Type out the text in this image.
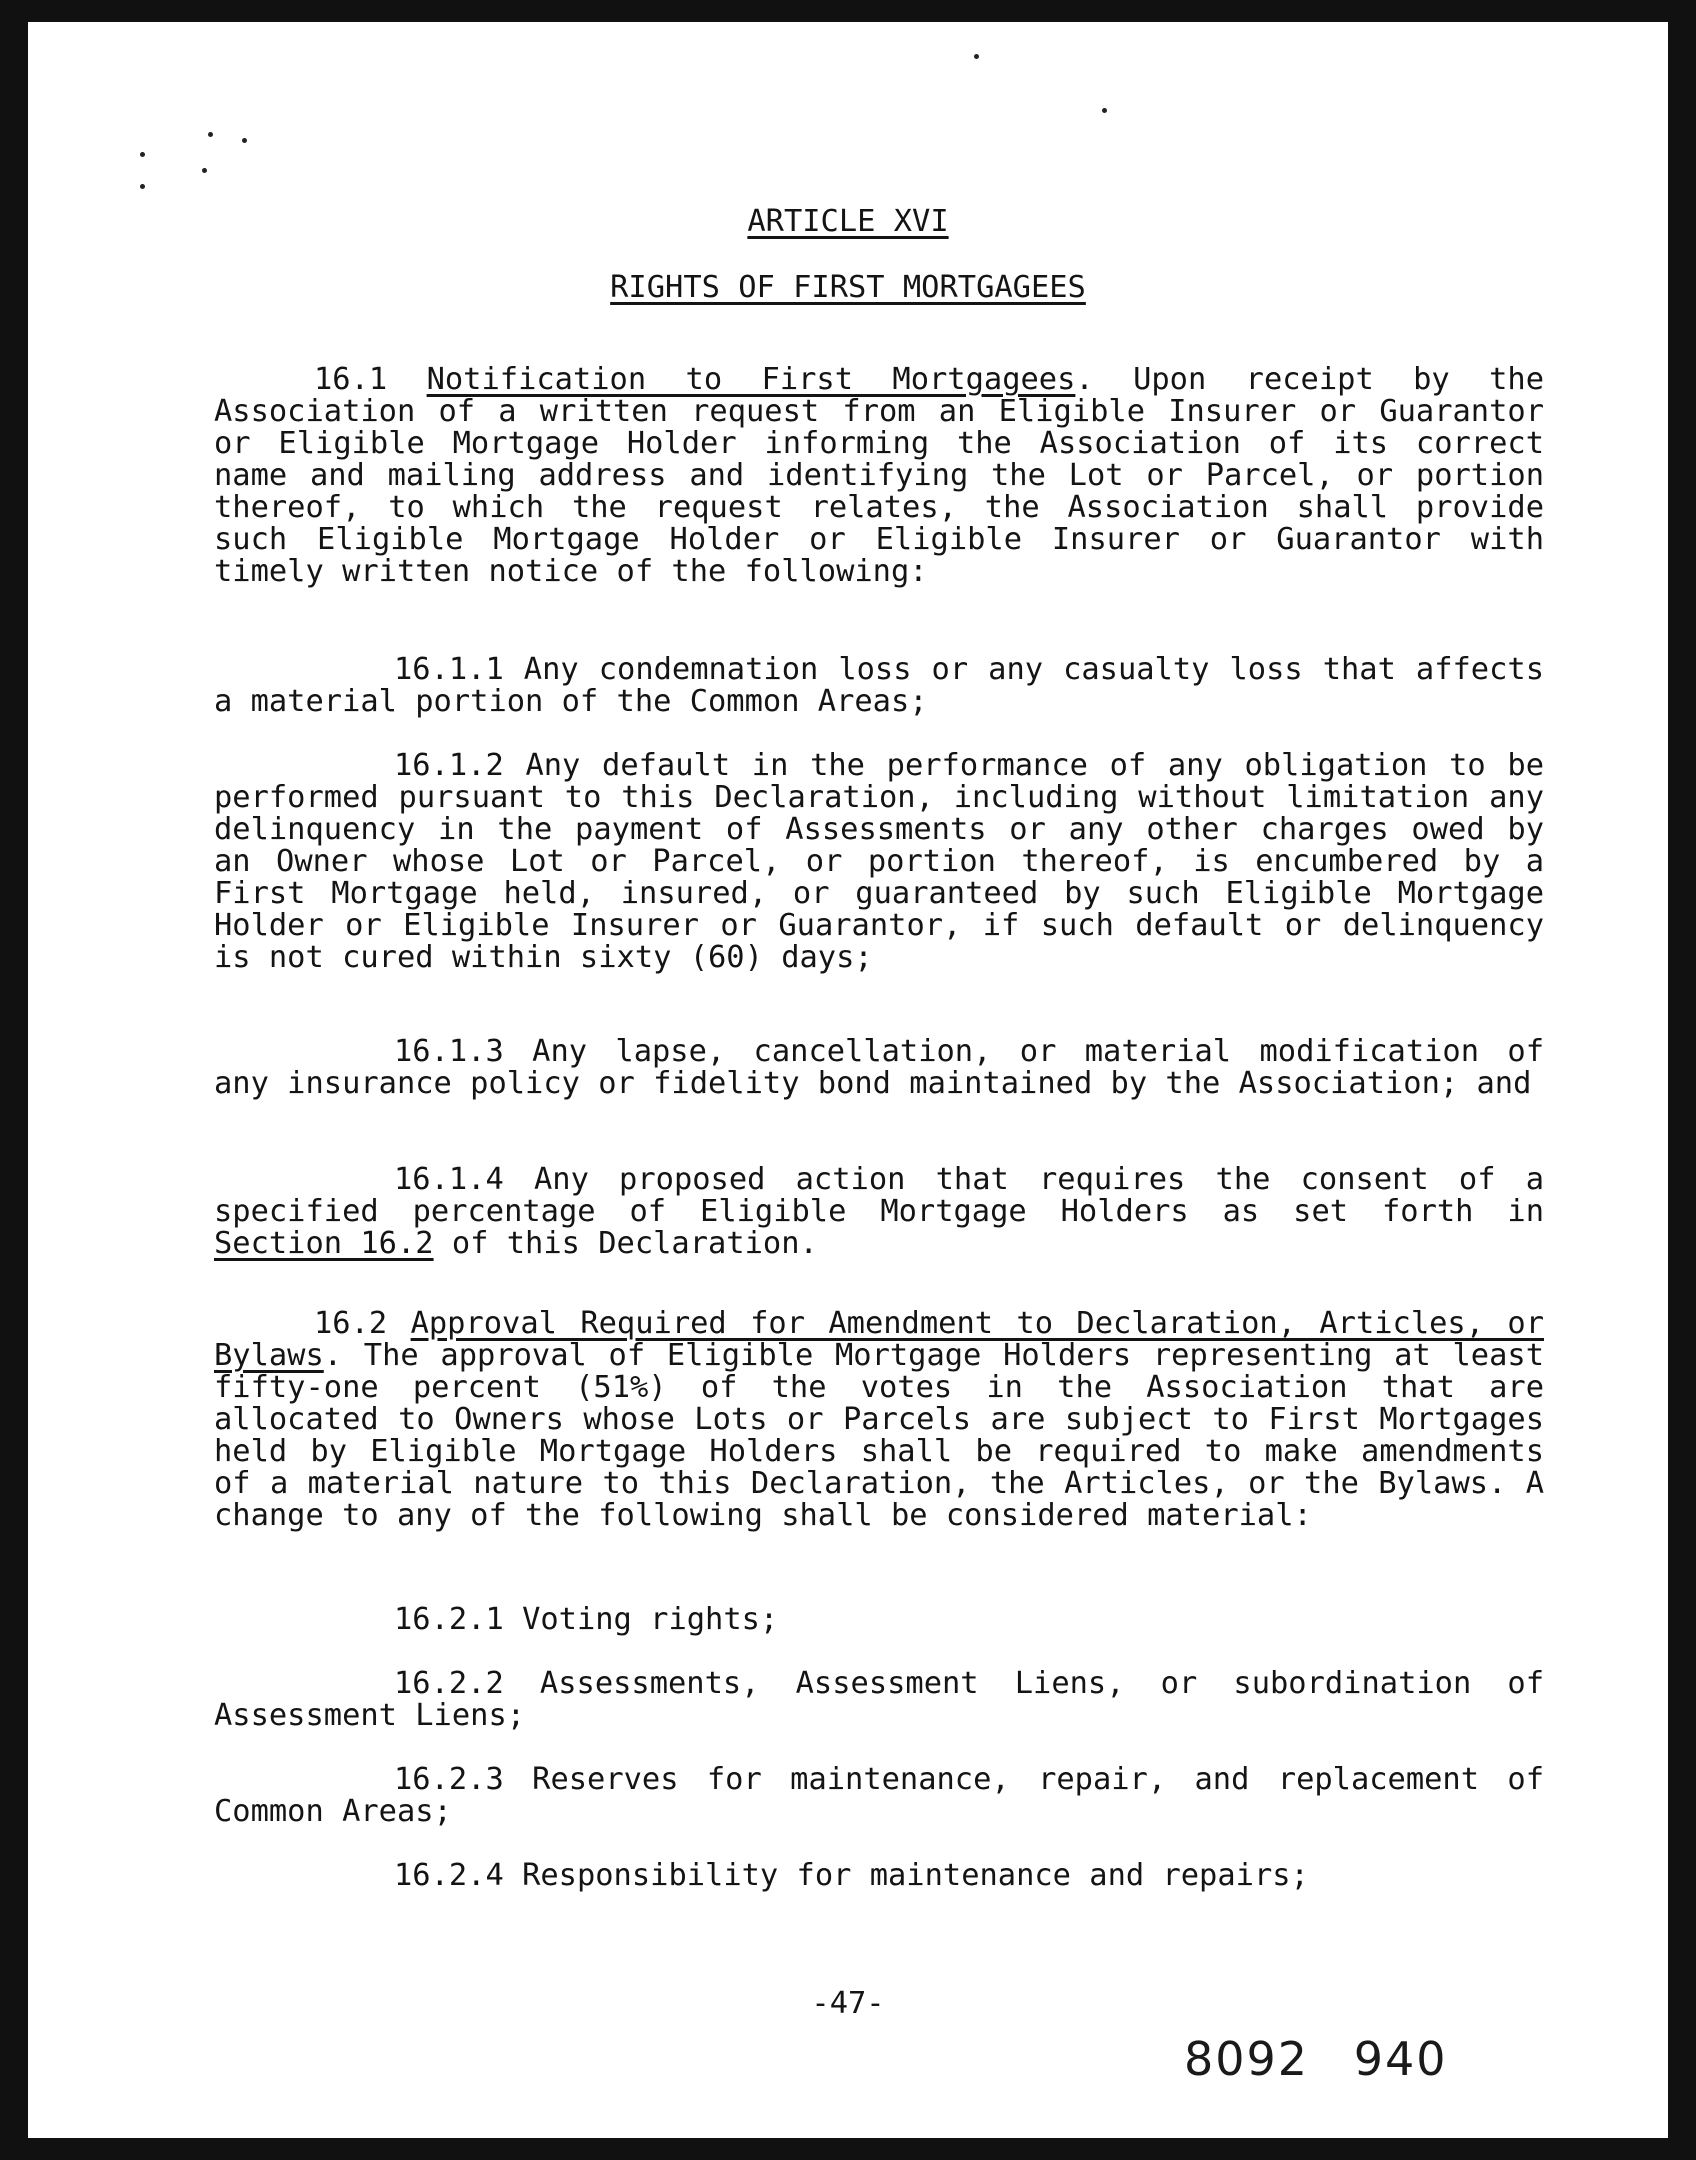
ARTICLE XVI
RIGHTS OF FIRST MORTGAGEES
16.1 Notification to First Mortgagees. Upon receipt by the Association of a written request from an Eligible Insurer or Guarantor or Eligible Mortgage Holder informing the Association of its correct name and mailing address and identifying the Lot or Parcel, or portion thereof, to which the request relates, the Association shall provide such Eligible Mortgage Holder or Eligible Insurer or Guarantor with timely written notice of the following:
16.1.1 Any condemnation loss or any casualty loss that affects a material portion of the Common Areas;
16.1.2 Any default in the performance of any obligation to be performed pursuant to this Declaration, including without limitation any delinquency in the payment of Assessments or any other charges owed by an Owner whose Lot or Parcel, or portion thereof, is encumbered by a First Mortgage held, insured, or guaranteed by such Eligible Mortgage Holder or Eligible Insurer or Guarantor, if such default or delinquency is not cured within sixty (60) days;
16.1.3 Any lapse, cancellation, or material modification of any insurance policy or fidelity bond maintained by the Association; and
16.1.4 Any proposed action that requires the consent of a specified percentage of Eligible Mortgage Holders as set forth in Section 16.2 of this Declaration.
16.2 Approval Required for Amendment to Declaration, Articles, or Bylaws. The approval of Eligible Mortgage Holders representing at least fifty-one percent (51%) of the votes in the Association that are allocated to Owners whose Lots or Parcels are subject to First Mortgages held by Eligible Mortgage Holders shall be required to make amendments of a material nature to this Declaration, the Articles, or the Bylaws. A change to any of the following shall be considered material:
16.2.1 Voting rights;
16.2.2 Assessments, Assessment Liens, or subordination of Assessment Liens;
16.2.3 Reserves for maintenance, repair, and replacement of Common Areas;
16.2.4 Responsibility for maintenance and repairs;
-47-
8092 940
